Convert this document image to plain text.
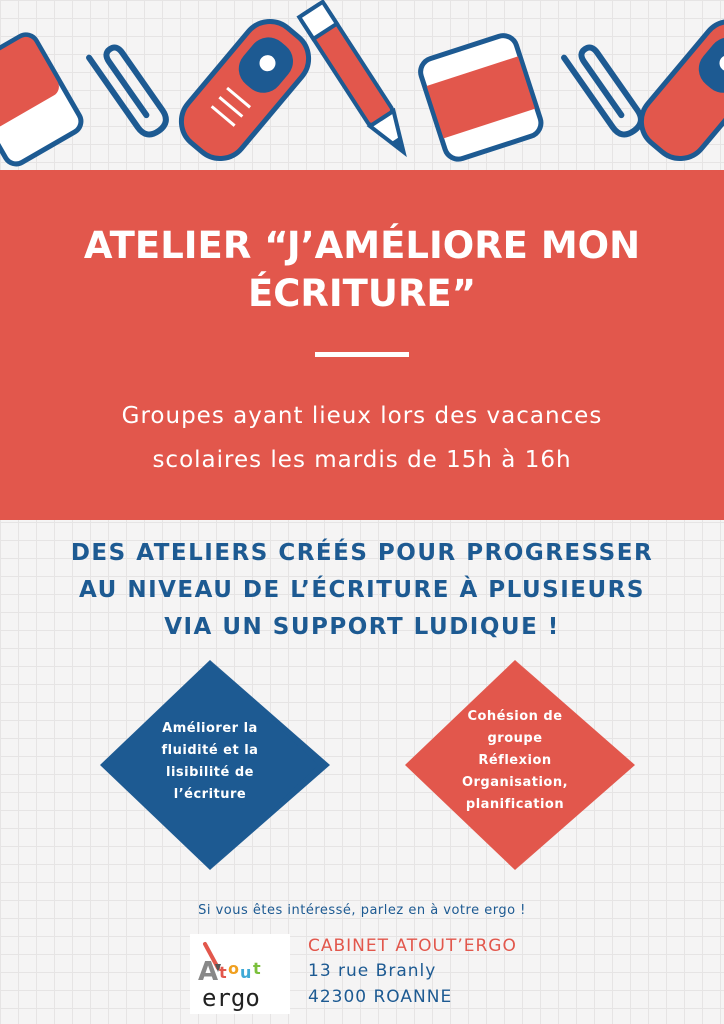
ATELIER “J’AMÉLIORE MON
ÉCRITURE”

Groupes ayant lieux lors des vacances
scolaires les mardis de 15h à 16h

DES ATELIERS CRÉÉS POUR PROGRESSER
AU NIVEAU DE L’ÉCRITURE À PLUSIEURS
VIA UN SUPPORT LUDIQUE !
Améliorer la
fluidité et la
lisibilité de
l’écriture
Cohésion de
groupe
Réflexion
Organisation,
planification
Si vous êtes intéressé, parlez en à votre ergo !
A t o u t
ergo
CABINET ATOUT’ERGO
13 rue Branly
42300 ROANNE
